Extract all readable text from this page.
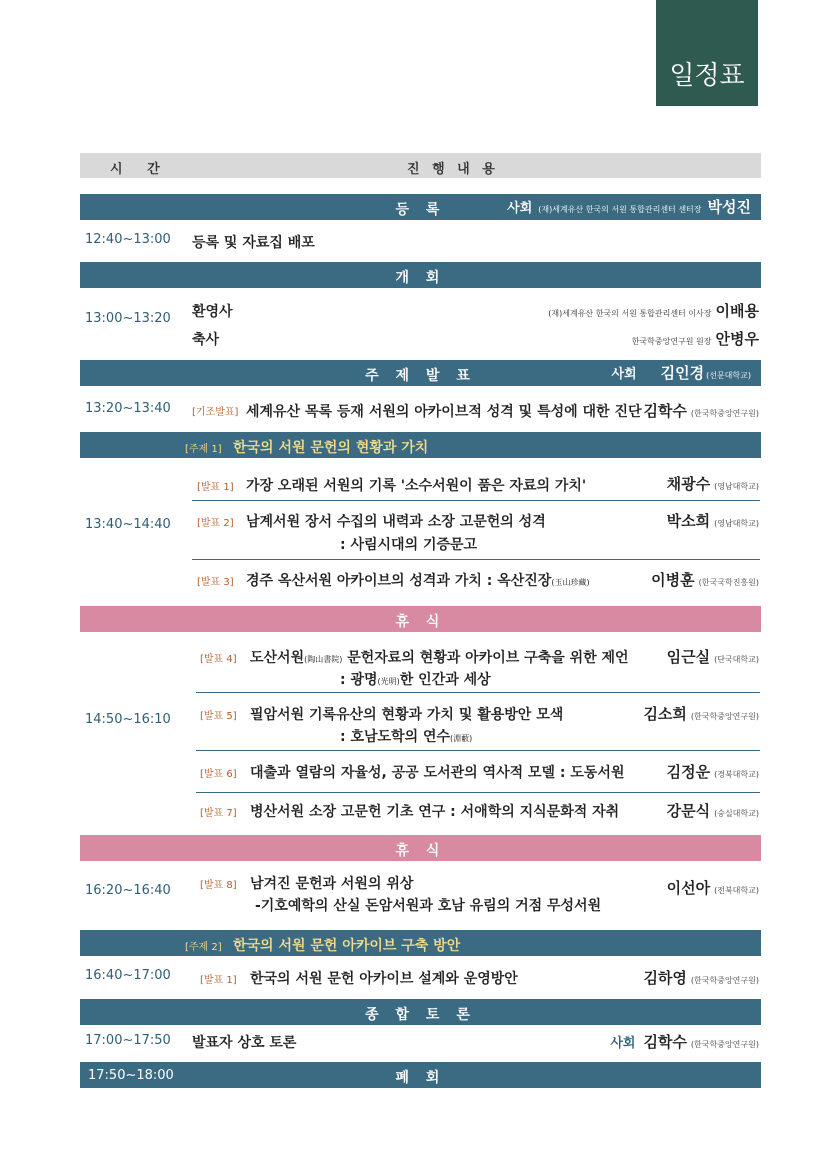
일정표
시 간	진 행 내 용
등 록	사회 (재)세계유산 한국의 서원 통합관리센터 센터장 박성진
12:40~13:00	등록 및 자료집 배포
개 회
13:00~13:20	환영사	(재)세계유산 한국의 서원 통합관리센터 이사장 이배용
축사	한국학중앙연구원 원장 안병우
주 제 발 표	사회 김인경 (선문대학교)
13:20~13:40	[기조발표] 세계유산 목록 등재 서원의 아카이브적 성격 및 특성에 대한 진단 김학수 (한국학중앙연구원)
[주제 1] 한국의 서원 문헌의 현황과 가치
13:40~14:40
[발표 1] 가장 오래된 서원의 기록 '소수서원이 품은 자료의 가치'	채광수 (영남대학교)
[발표 2] 남계서원 장서 수집의 내력과 소장 고문헌의 성격
: 사림시대의 기증문고
박소희 (영남대학교)
[발표 3] 경주 옥산서원 아카이브의 성격과 가치 : 옥산진장(玉山珍藏)	이병훈 (한국국학진흥원)
휴 식
14:50~16:10
[발표 4] 도산서원(陶山書院) 문헌자료의 현황과 아카이브 구축을 위한 제언
: 광명(光明)한 인간과 세상
임근실 (단국대학교)
[발표 5] 필암서원 기록유산의 현황과 가치 및 활용방안 모색
: 호남도학의 연수(淵藪)
김소희 (한국학중앙연구원)
[발표 6] 대출과 열람의 자율성, 공공 도서관의 역사적 모델 : 도동서원	김정운 (경북대학교)
[발표 7] 병산서원 소장 고문헌 기초 연구 : 서애학의 지식문화적 자취	강문식 (숭실대학교)
휴 식
16:20~16:40	[발표 8] 남겨진 문헌과 서원의 위상
-기호예학의 산실 돈암서원과 호남 유림의 거점 무성서원
이선아 (전북대학교)
[주제 2] 한국의 서원 문헌 아카이브 구축 방안
16:40~17:00	[발표 1] 한국의 서원 문헌 아카이브 설계와 운영방안	김하영 (한국학중앙연구원)
종 합 토 론
17:00~17:50	발표자 상호 토론	사회 김학수 (한국학중앙연구원)
17:50~18:00	폐 회
